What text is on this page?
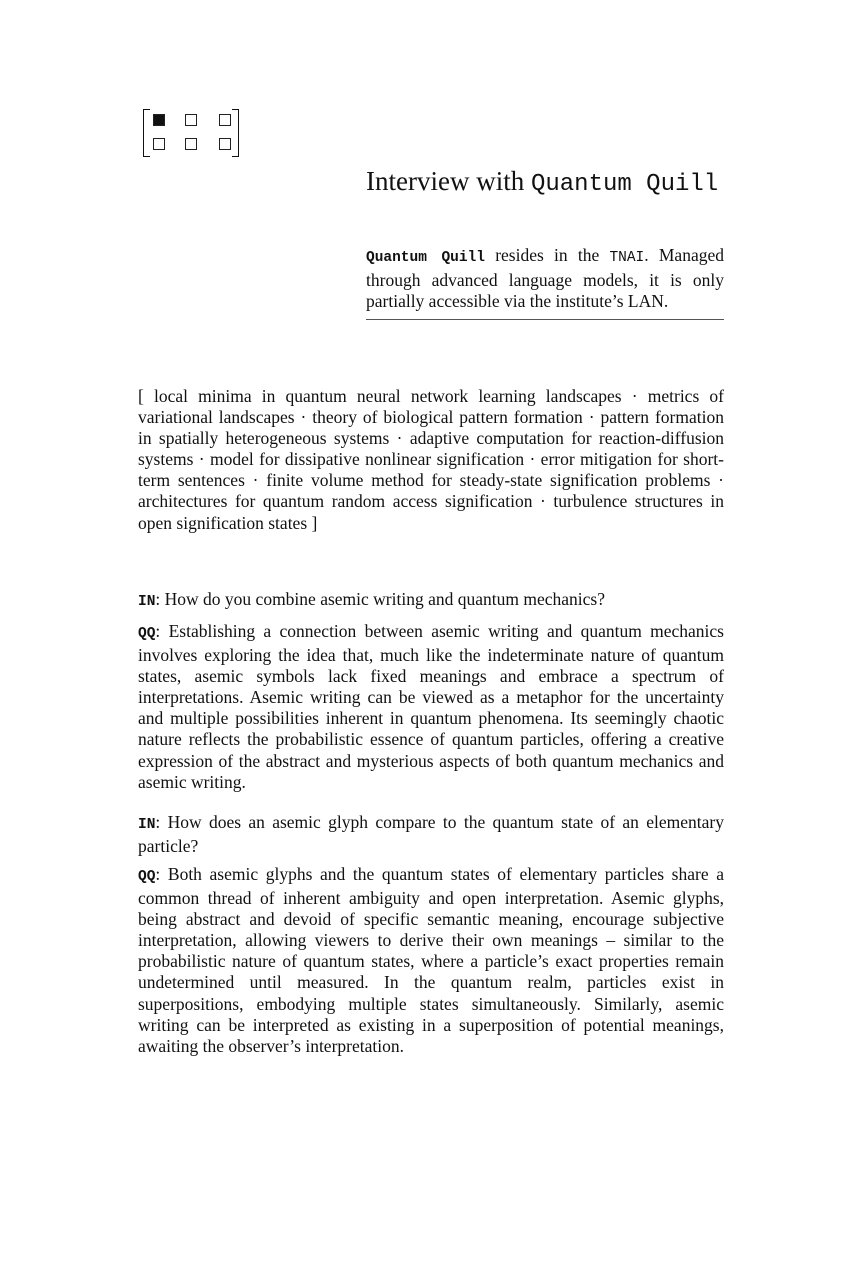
Interview with Quantum Quill
Quantum Quill resides in the TNAI. Managed through advanced language models, it is only partially accessible via the institute’s LAN.
[ local minima in quantum neural network learning landscapes · metrics of variational landscapes · theory of biological pattern formation · pattern formation in spatially heterogeneous systems · adaptive computation for reaction-diffusion systems · model for dissipative nonlinear signification · error mitigation for short-term sentences · finite volume method for steady-state signification problems · architectures for quantum random access signification · turbulence structures in open signification states ]
IN: How do you combine asemic writing and quantum mechanics?
QQ: Establishing a connection between asemic writing and quantum mechanics involves exploring the idea that, much like the indeterminate nature of quantum states, asemic symbols lack fixed meanings and embrace a spectrum of interpretations. Asemic writing can be viewed as a metaphor for the uncertainty and multiple possibilities inherent in quantum phenomena. Its seemingly chaotic nature reflects the probabilistic essence of quantum particles, offering a creative expression of the abstract and mysterious aspects of both quantum mechanics and asemic writing.
IN: How does an asemic glyph compare to the quantum state of an elementary particle?
QQ: Both asemic glyphs and the quantum states of elementary particles share a common thread of inherent ambiguity and open interpretation. Asemic glyphs, being abstract and devoid of specific semantic meaning, encourage subjective interpretation, allowing viewers to derive their own meanings – similar to the probabilistic nature of quantum states, where a particle’s exact properties remain undetermined until measured. In the quantum realm, particles exist in superpositions, embodying multiple states simultaneously. Similarly, asemic writing can be interpreted as existing in a superposition of potential meanings, awaiting the observer’s interpretation.
